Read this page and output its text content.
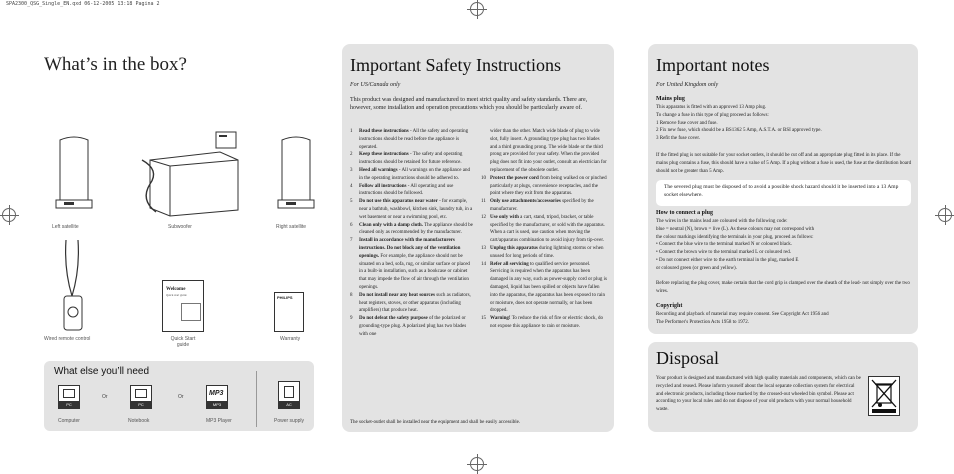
SPA2300_QSG_Single_EN.qxd 06-12-2005 13:18 Pagina 2
What’s in the box?
Left satellite	Subwoofer	Right satellite
Wired remote control
Welcome
Quick start guide
Quick Start guide
PHILIPS
Warranty
What else you’ll need
PC
Or
PC
Or	MP3
MP3	AC
Computer	Notebook	MP3 Player	Power supply
Important Safety Instructions
For US/Canada only
This product was designed and manufactured to meet strict quality and safety standards. There are, however, some installation and operation precautions which you should be particularly aware of.
1	Read these instructions - All the safety and operating instructions should be read before the appliance is operated.
2	Keep these instructions - The safety and operating instructions should be retained for future reference.
3	Heed all warnings - All warnings on the appliance and in the operating instructions should be adhered to.
4	Follow all instructions - All operating and use instructions should be followed.
5	Do not use this apparatus near water - for example, near a bathtub, washbowl, kitchen sink, laundry tub, in a wet basement or near a swimming pool, etc.
6	Clean only with a damp cloth. The appliance should be cleaned only as recommended by the manufacturer.
7	Install in accordance with the manufacturers instructions. Do not block any of the ventilation openings. For example, the appliance should not be situated on a bed, sofa, rug, or similar surface or placed in a built-in installation, such as a bookcase or cabinet that may impede the flow of air through the ventilation openings.
8	Do not install near any heat sources such as radiators, heat registers, stoves, or other apparatus (including amplifiers) that produce heat.
9	Do not defeat the safety purpose of the polarized or grounding-type plug. A polarized plug has two blades with one
wider than the other. Match wide blade of plug to wide slot, fully insert. A grounding type plug has two blades and a third grounding prong. The wide blade or the third prong are provided for your safety. When the provided plug does not fit into your outlet, consult an electrician for replacement of the obsolete outlet.
10 Protect the power cord from being walked on or pinched particularly at plugs, convenience receptacles, and the point where they exit from the apparatus.
11 Only use attachments/accessories specified by the manufacturer.
12 Use only with a cart, stand, tripod, bracket, or table specified by the manufacturer, or sold with the apparatus. When a cart is used, use caution when moving the cart/apparatus combination to avoid injury from tip-over.
13 Unplug this apparatus during lightning storms or when unused for long periods of time.
14 Refer all servicing to qualified service personnel. Servicing is required when the apparatus has been damaged in any way, such as power-supply cord or plug is damaged, liquid has been spilled or objects have fallen into the apparatus, the apparatus has been exposed to rain or moisture, does not operate normally, or has been dropped.
15 Warning! To reduce the risk of fire or electric shock, do not expose this appliance to rain or moisture.
The socket-outlet shall be installed near the equipment and shall be easily accessible.
Important notes
For United Kingdom only
Mains plug
This apparatus is fitted with an approved 13 Amp plug.
To change a fuse in this type of plug proceed as follows:
1 Remove fuse cover and fuse.
2 Fix new fuse, which should be a BS1362 5 Amp, A.S.T.A. or BSI approved type.
3 Refit the fuse cover.
If the fitted plug is not suitable for your socket outlets, it should be cut off and an appropriate plug fitted in its place. If the mains plug contains a fuse, this should have a value of 5 Amp. If a plug without a fuse is used, the fuse at the distribution board should not be greater than 5 Amp.
The severed plug must be disposed of to avoid a possible shock hazard should it be inserted into a 13 Amp socket elsewhere.
How to connect a plug
The wires in the mains lead are coloured with the following code:
blue = neutral (N), brown = live (L). As these colours may not correspond with
the colour markings identifying the terminals in your plug, proceed as follows:
• Connect the blue wire to the terminal marked N or coloured black.
• Connect the brown wire to the terminal marked L or coloured red.
• Do not connect either wire to the earth terminal in the plug, marked E
or coloured green (or green and yellow).
Before replacing the plug cover, make certain that the cord grip is clamped over the sheath of the lead- not simply over the two wires.
Copyright
Recording and playback of material may require consent. See Copyright Act 1956 and
The Performer's Protection Acts 1958 to 1972.
Disposal
Your product is designed and manufactured with high quality materials and components, which can be recycled and reused. Please inform yourself about the local separate collection system for electrical and electronic products, including those marked by the crossed-out wheeled bin symbol. Please act according to your local rules and do not dispose of your old products with your normal household waste.
